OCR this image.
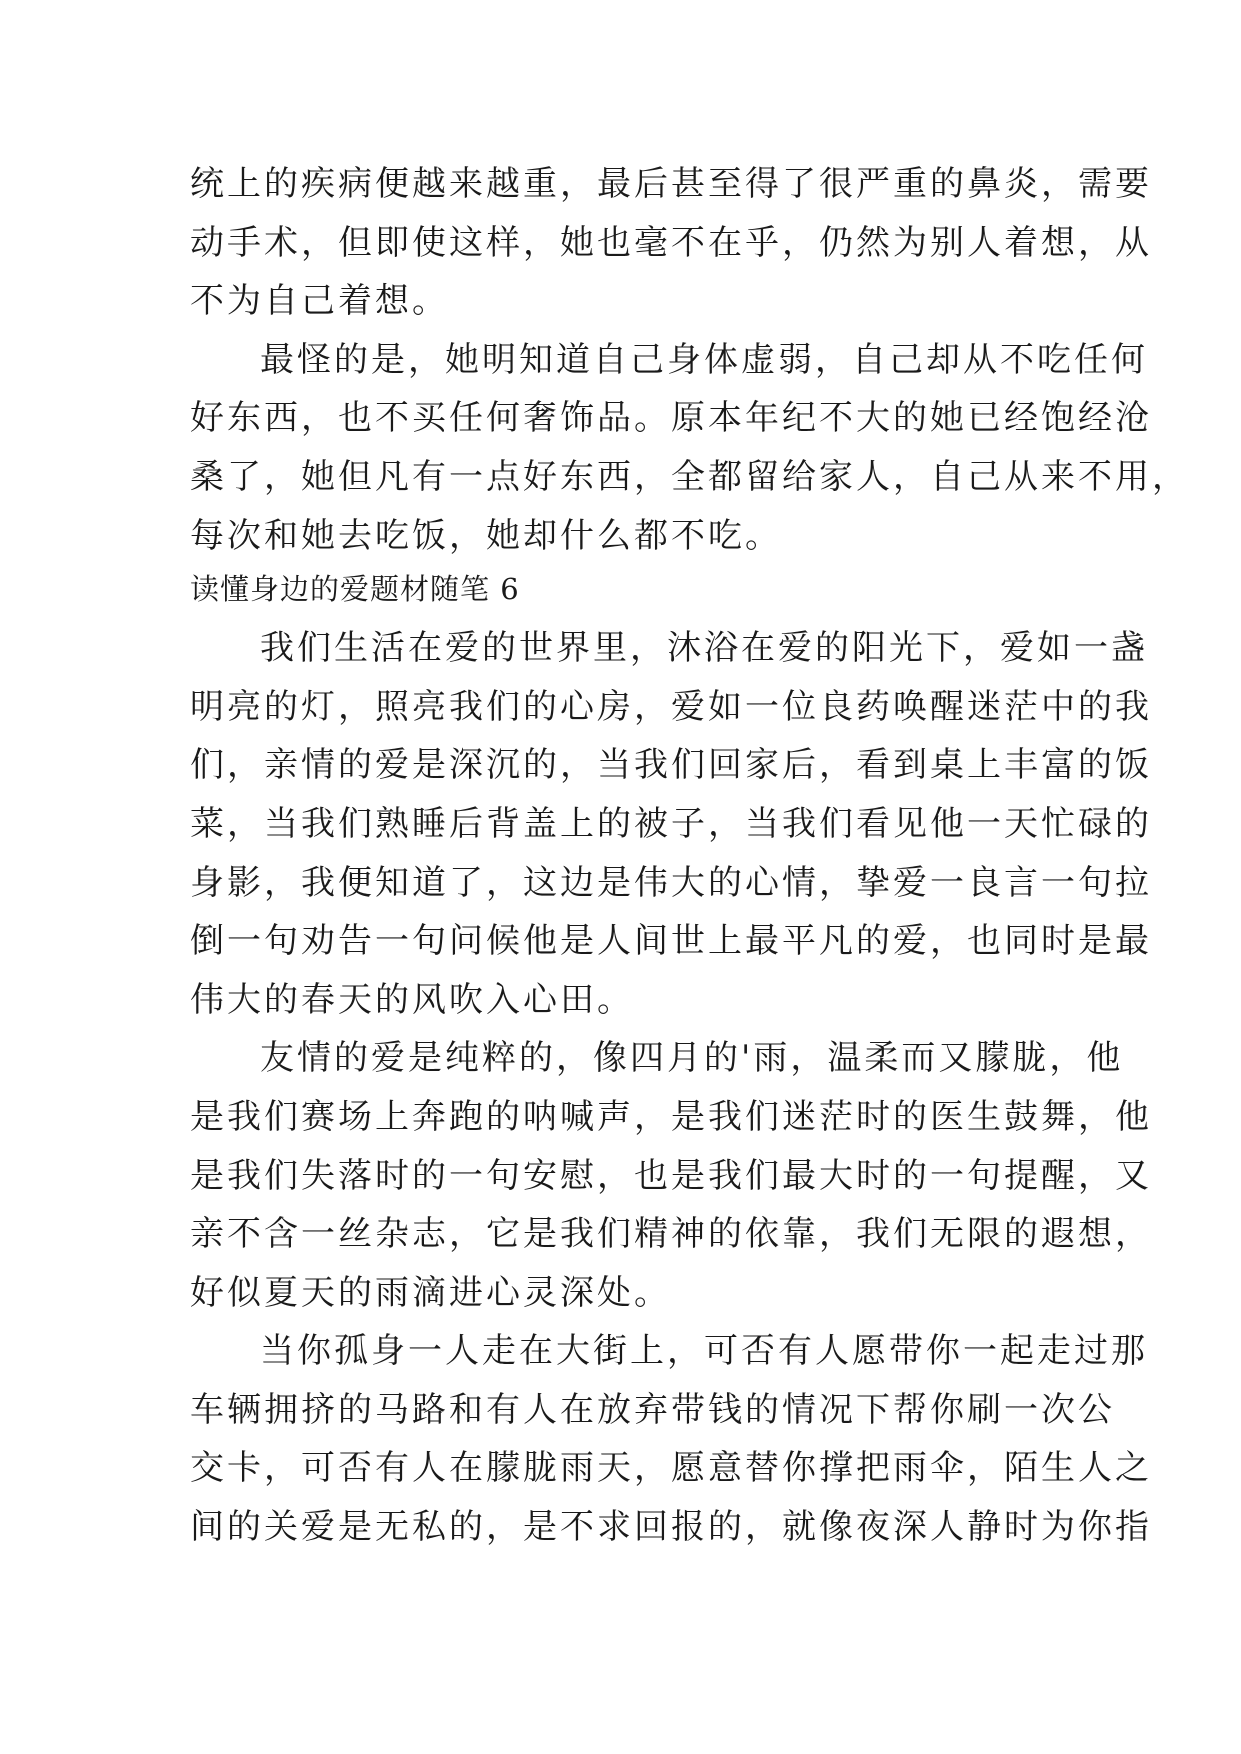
统上的疾病便越来越重，最后甚至得了很严重的鼻炎，需要
动手术，但即使这样，她也毫不在乎，仍然为别人着想，从
不为自己着想。
最怪的是，她明知道自己身体虚弱，自己却从不吃任何
好东西，也不买任何奢饰品。原本年纪不大的她已经饱经沧
桑了，她但凡有一点好东西，全都留给家人，自己从来不用，
每次和她去吃饭，她却什么都不吃。
读懂身边的爱题材随笔 6
我们生活在爱的世界里，沐浴在爱的阳光下，爱如一盏
明亮的灯，照亮我们的心房，爱如一位良药唤醒迷茫中的我
们，亲情的爱是深沉的，当我们回家后，看到桌上丰富的饭
菜，当我们熟睡后背盖上的被子，当我们看见他一天忙碌的
身影，我便知道了，这边是伟大的心情，挚爱一良言一句拉
倒一句劝告一句问候他是人间世上最平凡的爱，也同时是最
伟大的春天的风吹入心田。
友情的爱是纯粹的，像四月的'雨，温柔而又朦胧，他
是我们赛场上奔跑的呐喊声，是我们迷茫时的医生鼓舞，他
是我们失落时的一句安慰，也是我们最大时的一句提醒，又
亲不含一丝杂志，它是我们精神的依靠，我们无限的遐想，
好似夏天的雨滴进心灵深处。
当你孤身一人走在大街上，可否有人愿带你一起走过那
车辆拥挤的马路和有人在放弃带钱的情况下帮你刷一次公
交卡，可否有人在朦胧雨天，愿意替你撑把雨伞，陌生人之
间的关爱是无私的，是不求回报的，就像夜深人静时为你指
